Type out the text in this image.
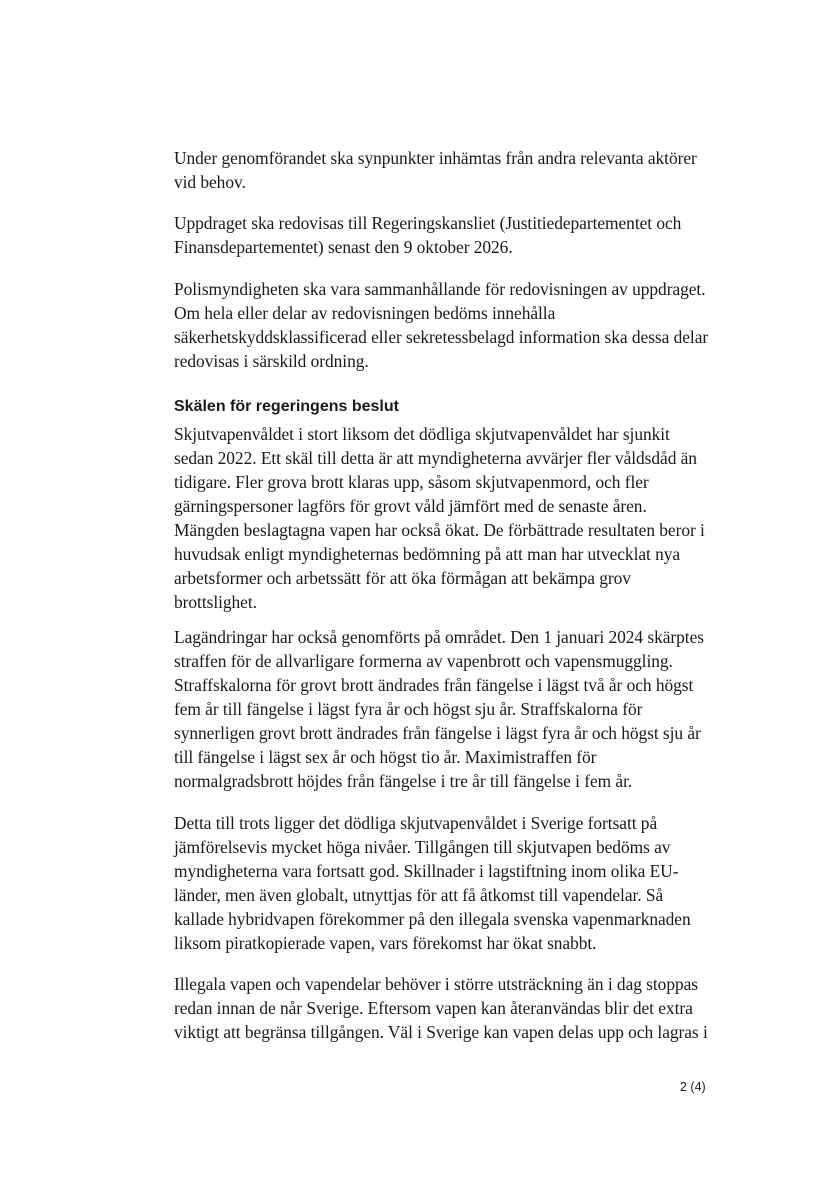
Under genomförandet ska synpunkter inhämtas från andra relevanta aktörer
vid behov.
Uppdraget ska redovisas till Regeringskansliet (Justitiedepartementet och
Finansdepartementet) senast den 9 oktober 2026.
Polismyndigheten ska vara sammanhållande för redovisningen av uppdraget.
Om hela eller delar av redovisningen bedöms innehålla
säkerhetskyddsklassificerad eller sekretessbelagd information ska dessa delar
redovisas i särskild ordning.
Skälen för regeringens beslut
Skjutvapenvåldet i stort liksom det dödliga skjutvapenvåldet har sjunkit
sedan 2022. Ett skäl till detta är att myndigheterna avvärjer fler våldsdåd än
tidigare. Fler grova brott klaras upp, såsom skjutvapenmord, och fler
gärningspersoner lagförs för grovt våld jämfört med de senaste åren.
Mängden beslagtagna vapen har också ökat. De förbättrade resultaten beror i
huvudsak enligt myndigheternas bedömning på att man har utvecklat nya
arbetsformer och arbetssätt för att öka förmågan att bekämpa grov
brottslighet.
Lagändringar har också genomförts på området. Den 1 januari 2024 skärptes
straffen för de allvarligare formerna av vapenbrott och vapensmuggling.
Straffskalorna för grovt brott ändrades från fängelse i lägst två år och högst
fem år till fängelse i lägst fyra år och högst sju år. Straffskalorna för
synnerligen grovt brott ändrades från fängelse i lägst fyra år och högst sju år
till fängelse i lägst sex år och högst tio år. Maximistraffen för
normalgradsbrott höjdes från fängelse i tre år till fängelse i fem år.
Detta till trots ligger det dödliga skjutvapenvåldet i Sverige fortsatt på
jämförelsevis mycket höga nivåer. Tillgången till skjutvapen bedöms av
myndigheterna vara fortsatt god. Skillnader i lagstiftning inom olika EU-
länder, men även globalt, utnyttjas för att få åtkomst till vapendelar. Så
kallade hybridvapen förekommer på den illegala svenska vapenmarknaden
liksom piratkopierade vapen, vars förekomst har ökat snabbt.
Illegala vapen och vapendelar behöver i större utsträckning än i dag stoppas
redan innan de når Sverige. Eftersom vapen kan återanvändas blir det extra
viktigt att begränsa tillgången. Väl i Sverige kan vapen delas upp och lagras i
2 (4)
